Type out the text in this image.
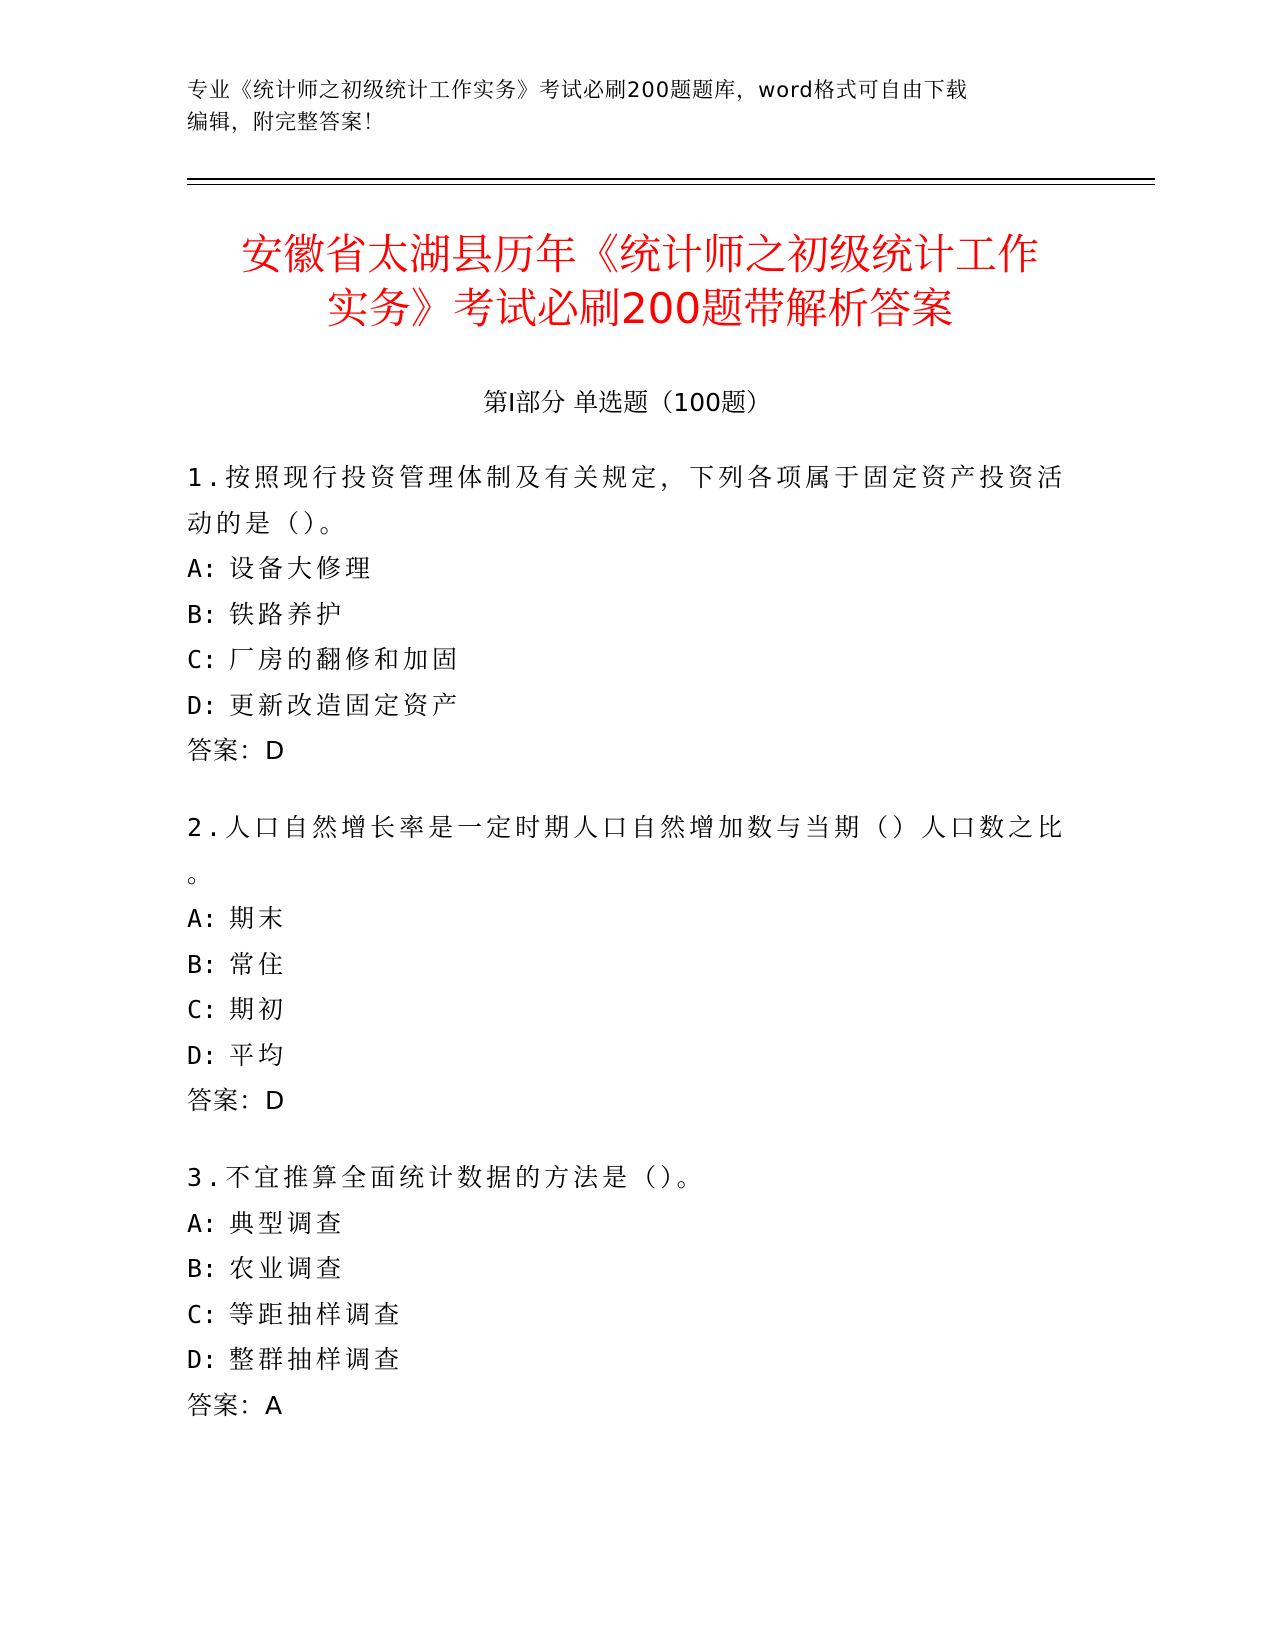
专业《统计师之初级统计工作实务》考试必刷200题题库，word格式可自由下载
编辑，附完整答案！
安徽省太湖县历年《统计师之初级统计工作
实务》考试必刷200题带解析答案
第Ⅰ部分 单选题（100题）
1.按照现行投资管理体制及有关规定，下列各项属于固定资产投资活
动的是（）。
A: 设备大修理
B: 铁路养护
C: 厂房的翻修和加固
D: 更新改造固定资产
答案：D
2.人口自然增长率是一定时期人口自然增加数与当期（）人口数之比
。
A: 期末
B: 常住
C: 期初
D: 平均
答案：D
3.不宜推算全面统计数据的方法是（）。
A: 典型调查
B: 农业调查
C: 等距抽样调查
D: 整群抽样调查
答案：A
